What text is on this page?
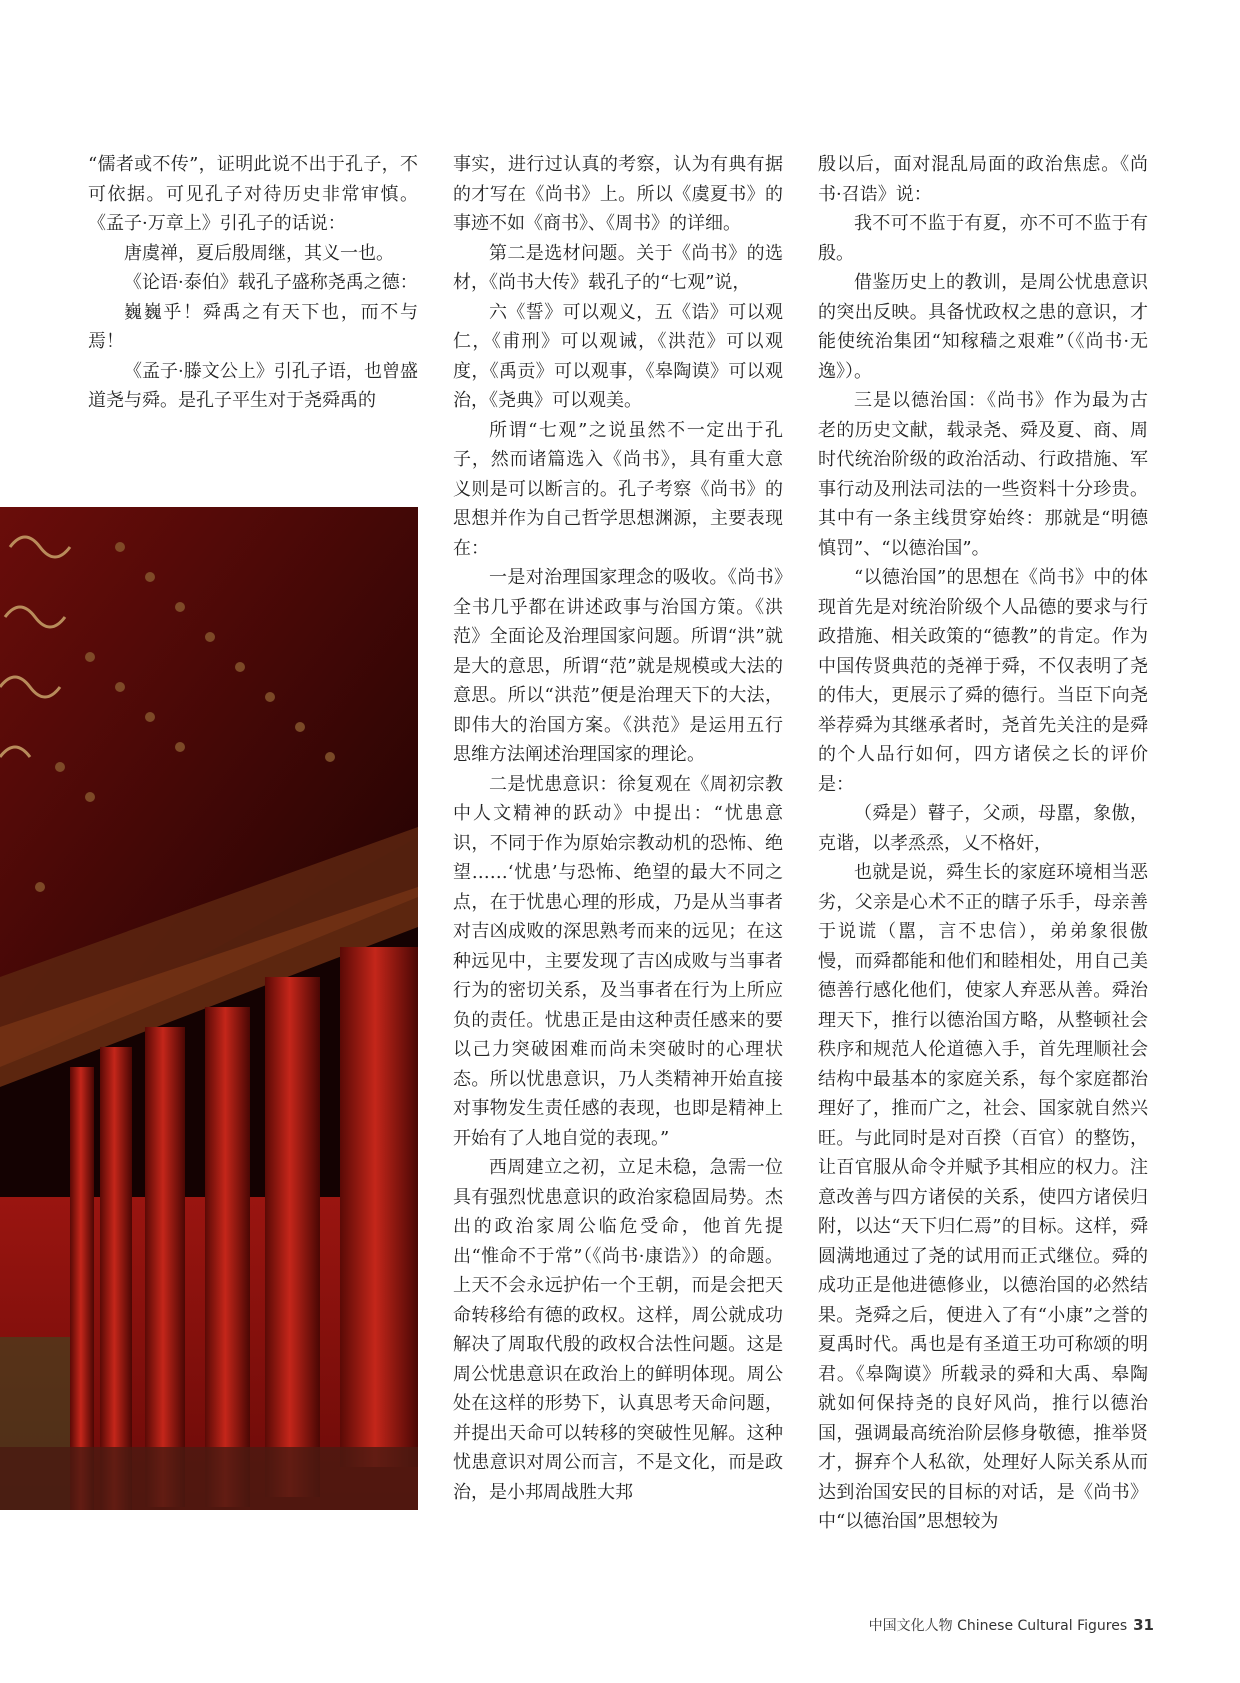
“儒者或不传”，证明此说不出于孔子，不可依据。可见孔子对待历史非常审慎。《孟子·万章上》引孔子的话说：

唐虞禅，夏后殷周继，其义一也。

《论语·泰伯》载孔子盛称尧禹之德：

巍巍乎！舜禹之有天下也，而不与焉！

《孟子·滕文公上》引孔子语，也曾盛道尧与舜。是孔子平生对于尧舜禹的

事实，进行过认真的考察，认为有典有据的才写在《尚书》上。所以《虞夏书》的事迹不如《商书》、《周书》的详细。

第二是选材问题。关于《尚书》的选材，《尚书大传》载孔子的“七观”说，

六《誓》可以观义，五《诰》可以观仁，《甫刑》可以观诫，《洪范》可以观度，《禹贡》可以观事，《皋陶谟》可以观治，《尧典》可以观美。

所谓“七观”之说虽然不一定出于孔子，然而诸篇选入《尚书》，具有重大意义则是可以断言的。孔子考察《尚书》的思想并作为自己哲学思想渊源，主要表现在：

一是对治理国家理念的吸收。《尚书》全书几乎都在讲述政事与治国方策。《洪范》全面论及治理国家问题。所谓“洪”就是大的意思，所谓“范”就是规模或大法的意思。所以“洪范”便是治理天下的大法，即伟大的治国方案。《洪范》是运用五行思维方法阐述治理国家的理论。

二是忧患意识：徐复观在《周初宗教中人文精神的跃动》中提出：“忧患意识，不同于作为原始宗教动机的恐怖、绝望……‘忧患’与恐怖、绝望的最大不同之点，在于忧患心理的形成，乃是从当事者对吉凶成败的深思熟考而来的远见；在这种远见中，主要发现了吉凶成败与当事者行为的密切关系，及当事者在行为上所应负的责任。忧患正是由这种责任感来的要以己力突破困难而尚未突破时的心理状态。所以忧患意识，乃人类精神开始直接对事物发生责任感的表现，也即是精神上开始有了人地自觉的表现。”

西周建立之初，立足未稳，急需一位具有强烈忧患意识的政治家稳固局势。杰出的政治家周公临危受命，他首先提出“惟命不于常”（《尚书·康诰》）的命题。上天不会永远护佑一个王朝，而是会把天命转移给有德的政权。这样，周公就成功解决了周取代殷的政权合法性问题。这是周公忧患意识在政治上的鲜明体现。周公处在这样的形势下，认真思考天命问题，并提出天命可以转移的突破性见解。这种忧患意识对周公而言，不是文化，而是政治，是小邦周战胜大邦

殷以后，面对混乱局面的政治焦虑。《尚书·召诰》说：

我不可不监于有夏，亦不可不监于有殷。

借鉴历史上的教训，是周公忧患意识的突出反映。具备忧政权之患的意识，才能使统治集团“知稼穑之艰难”（《尚书·无逸》）。

三是以德治国：《尚书》作为最为古老的历史文献，载录尧、舜及夏、商、周时代统治阶级的政治活动、行政措施、军事行动及刑法司法的一些资料十分珍贵。其中有一条主线贯穿始终：那就是“明德慎罚”、“以德治国”。

“以德治国”的思想在《尚书》中的体现首先是对统治阶级个人品德的要求与行政措施、相关政策的“德教”的肯定。作为中国传贤典范的尧禅于舜，不仅表明了尧的伟大，更展示了舜的德行。当臣下向尧举荐舜为其继承者时，尧首先关注的是舜的个人品行如何，四方诸侯之长的评价是：

（舜是）瞽子，父顽，母嚚，象傲，克谐，以孝烝烝，乂不格奸，

也就是说，舜生长的家庭环境相当恶劣，父亲是心术不正的瞎子乐手，母亲善于说谎（嚚，言不忠信），弟弟象很傲慢，而舜都能和他们和睦相处，用自己美德善行感化他们，使家人弃恶从善。舜治理天下，推行以德治国方略，从整顿社会秩序和规范人伦道德入手，首先理顺社会结构中最基本的家庭关系，每个家庭都治理好了，推而广之，社会、国家就自然兴旺。与此同时是对百揆（百官）的整饬，让百官服从命令并赋予其相应的权力。注意改善与四方诸侯的关系，使四方诸侯归附，以达“天下归仁焉”的目标。这样，舜圆满地通过了尧的试用而正式继位。舜的成功正是他进德修业，以德治国的必然结果。尧舜之后，便进入了有“小康”之誉的夏禹时代。禹也是有圣道王功可称颂的明君。《皋陶谟》所载录的舜和大禹、皋陶就如何保持尧的良好风尚，推行以德治国，强调最高统治阶层修身敬德，推举贤才，摒弃个人私欲，处理好人际关系从而达到治国安民的目标的对话，是《尚书》中“以德治国”思想较为

中国文化人物 Chinese Cultural Figures 31
